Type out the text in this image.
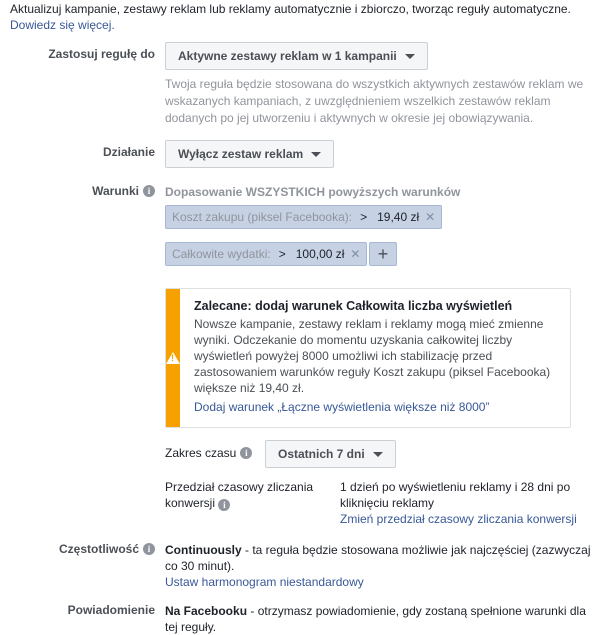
Aktualizuj kampanie, zestawy reklam lub reklamy automatycznie i zbiorczo, tworząc reguły automatyczne.
Dowiedz się więcej.
Zastosuj regułę do Aktywne zestawy reklam w 1 kampanii
Twoja reguła będzie stosowana do wszystkich aktywnych zestawów reklam we wskazanych kampaniach, z uwzględnieniem wszelkich zestawów reklam dodanych po jej utworzeniu i aktywnych w okresie jej obowiązywania.
Działanie Wyłącz zestaw reklam
Warunki i	Dopasowanie WSZYSTKICH powyższych warunków
Koszt zakupu (piksel Facebooka): > 19,40 zł ✕
Całkowite wydatki: > 100,00 zł ✕ +
!
Zalecane: dodaj warunek Całkowita liczba wyświetleń
Nowsze kampanie, zestawy reklam i reklamy mogą mieć zmienne wyniki. Odczekanie do momentu uzyskania całkowitej liczby wyświetleń powyżej 8000 umożliwi ich stabilizację przed zastosowaniem warunków reguły Koszt zakupu (piksel Facebooka) większe niż 19,40 zł.
Dodaj warunek „Łączne wyświetlenia większe niż 8000”
Zakres czasu i	Ostatnich 7 dni
Przedział czasowy zliczania konwersji i
1 dzień po wyświetleniu reklamy i 28 dni po kliknięciu reklamy
Zmień przedział czasowy zliczania konwersji
Częstotliwość i	Continuously - ta reguła będzie stosowana możliwie jak najczęściej (zazwyczaj co 30 minut).
Ustaw harmonogram niestandardowy
Powiadomienie Na Facebooku - otrzymasz powiadomienie, gdy zostaną spełnione warunki dla tej reguły.
